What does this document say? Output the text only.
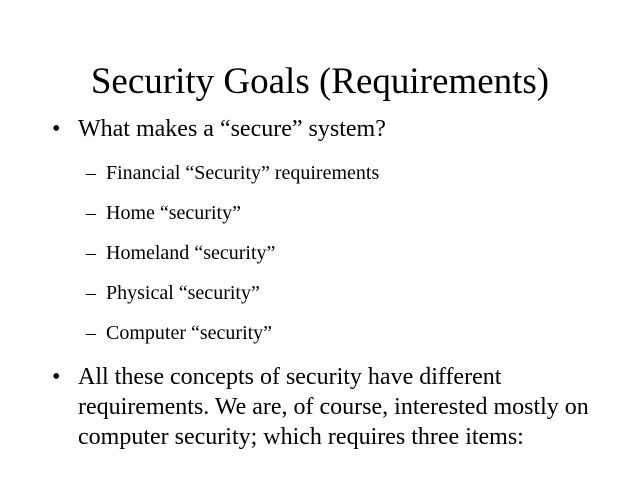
Security Goals (Requirements)
• What makes a “secure” system?
– Financial “Security” requirements
– Home “security”
– Homeland “security”
– Physical “security”
– Computer “security”
• All these concepts of security have different requirements. We are, of course, interested mostly on computer security; which requires three items:
